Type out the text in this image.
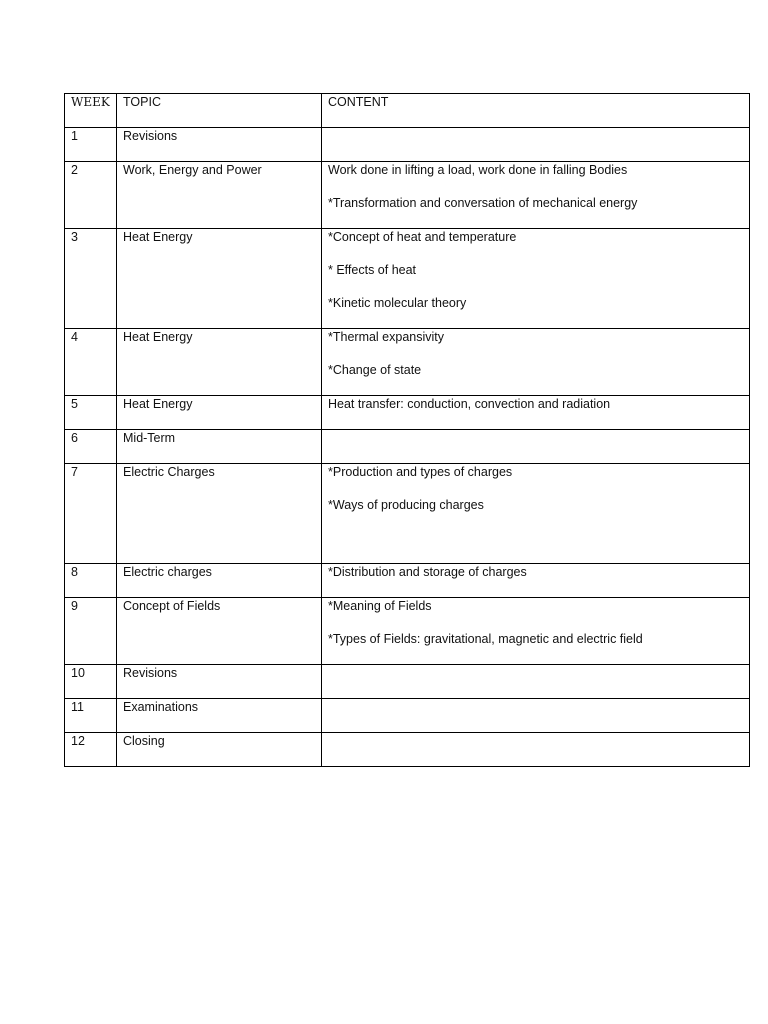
WEEK	TOPIC	CONTENT
1	Revisions	
2	Work, Energy and Power	Work done in lifting a load, work done in falling Bodies
*Transformation and conversation of mechanical energy

3	Heat Energy	*Concept of heat and temperature
* Effects of heat
*Kinetic molecular theory

4	Heat Energy	*Thermal expansivity
*Change of state

5	Heat Energy	Heat transfer: conduction, convection and radiation

6	Mid-Term	
7	Electric Charges	*Production and types of charges
*Ways of producing charges

8	Electric charges	*Distribution and storage of charges

9	Concept of Fields	*Meaning of Fields
*Types of Fields: gravitational, magnetic and electric field

10	Revisions	
11	Examinations	
12	Closing	
